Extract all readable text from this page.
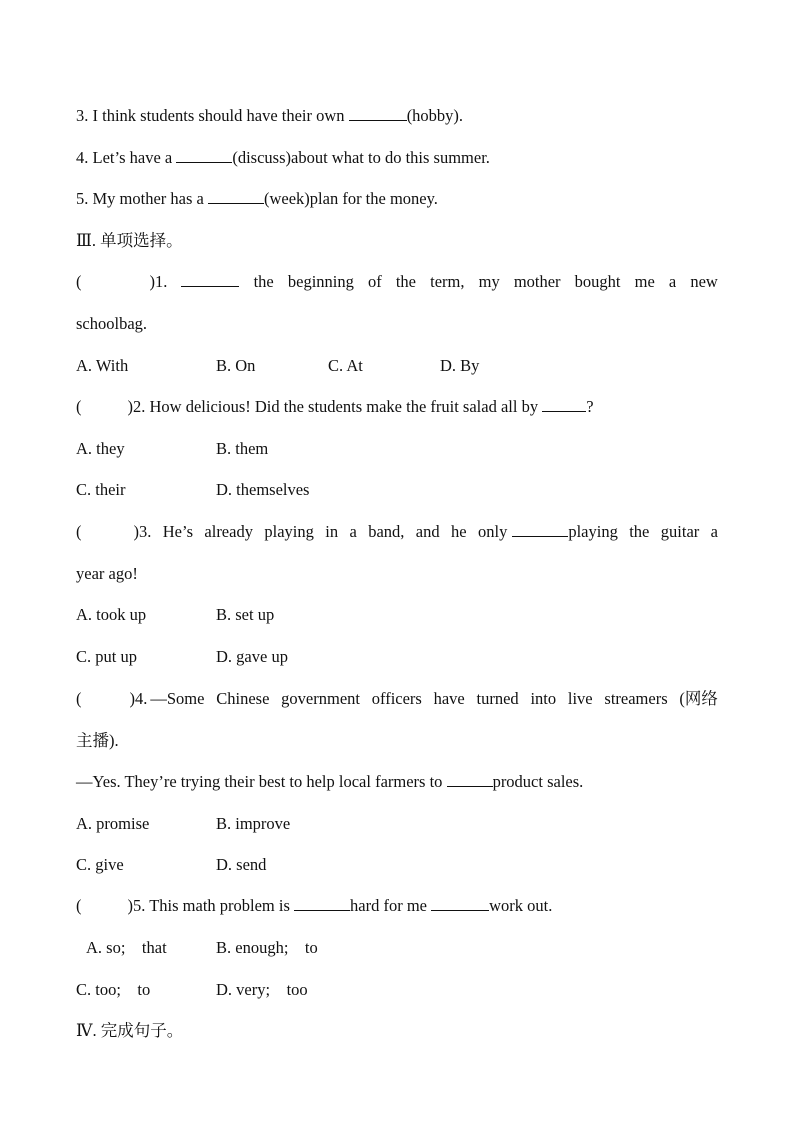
3. I think students should have their own	(hobby).
4. Let’s have a	(discuss)about what to do this summer.
5. My mother has a	(week)plan for the money.
Ⅲ. 单项选择。
(	)1.	the beginning of the term, my mother bought me a new
schoolbag.
A. With	B. On	C. At	D. By
(	)2. How delicious! Did the students make the fruit salad all by	?
A. they	B. them
C. their	D. themselves
(	)3. He’s already playing in a band, and he only	playing the guitar a
year ago!
A. took up	B. set up
C. put up	D. gave up
(	)4. —Some Chinese government officers have turned into live streamers (网络
主播).
—Yes. They’re trying their best to help local farmers to	product sales.
A. promise	B. improve
C. give	D. send
(	)5. This math problem is	hard for me	work out.
A. so;    that	B. enough;    to
C. too;    to	D. very;    too
Ⅳ. 完成句子。
